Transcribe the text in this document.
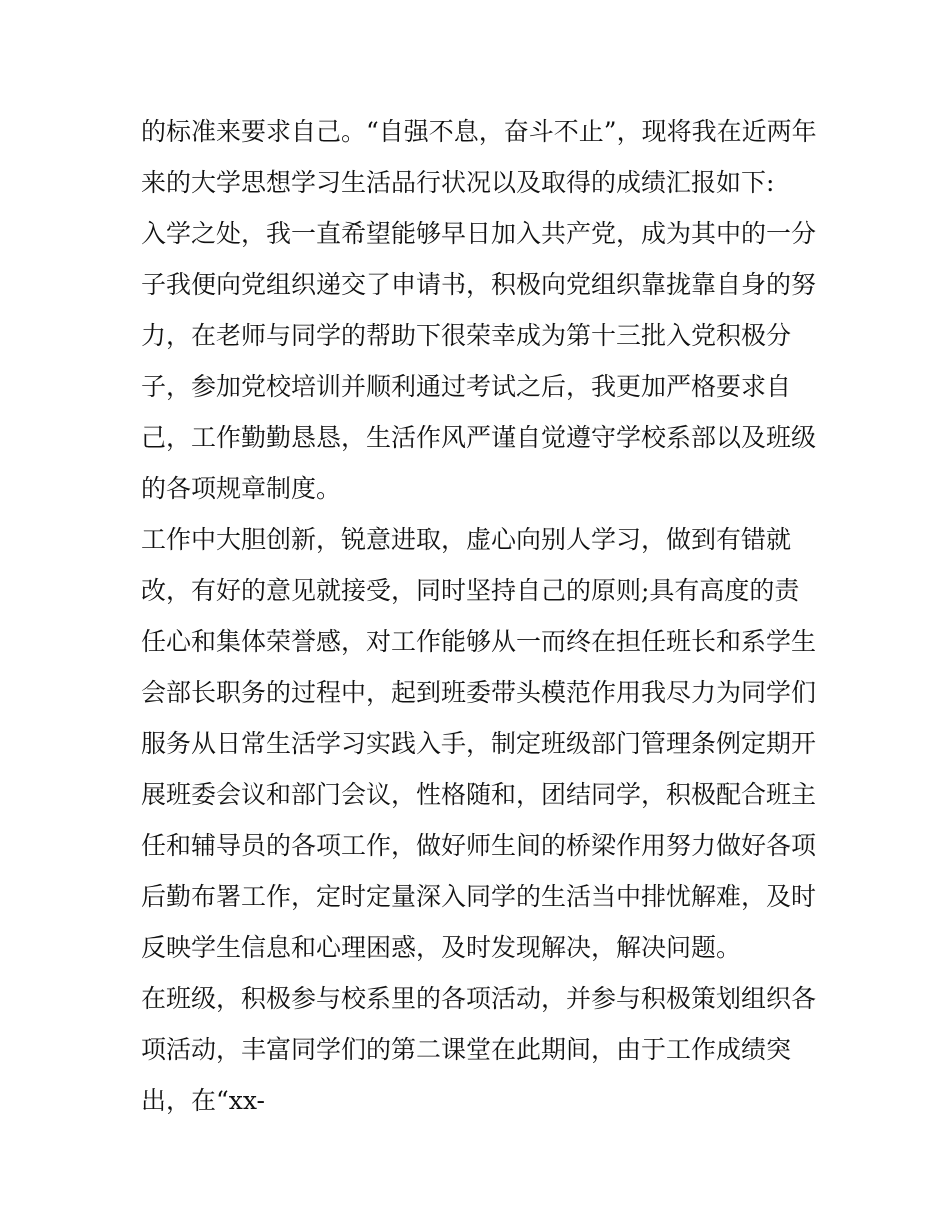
的标准来要求自己。“自强不息，奋斗不止”，现将我在近两年
来的大学思想学习生活品行状况以及取得的成绩汇报如下:
入学之处，我一直希望能够早日加入共产党，成为其中的一分
子我便向党组织递交了申请书，积极向党组织靠拢靠自身的努
力，在老师与同学的帮助下很荣幸成为第十三批入党积极分
子，参加党校培训并顺利通过考试之后，我更加严格要求自
己，工作勤勤恳恳，生活作风严谨自觉遵守学校系部以及班级
的各项规章制度。
工作中大胆创新，锐意进取，虚心向别人学习，做到有错就
改，有好的意见就接受，同时坚持自己的原则;具有高度的责
任心和集体荣誉感，对工作能够从一而终在担任班长和系学生
会部长职务的过程中，起到班委带头模范作用我尽力为同学们
服务从日常生活学习实践入手，制定班级部门管理条例定期开
展班委会议和部门会议，性格随和，团结同学，积极配合班主
任和辅导员的各项工作，做好师生间的桥梁作用努力做好各项
后勤布署工作，定时定量深入同学的生活当中排忧解难，及时
反映学生信息和心理困惑，及时发现解决，解决问题。
在班级，积极参与校系里的各项活动，并参与积极策划组织各
项活动，丰富同学们的第二课堂在此期间，由于工作成绩突
出，在“xx-
